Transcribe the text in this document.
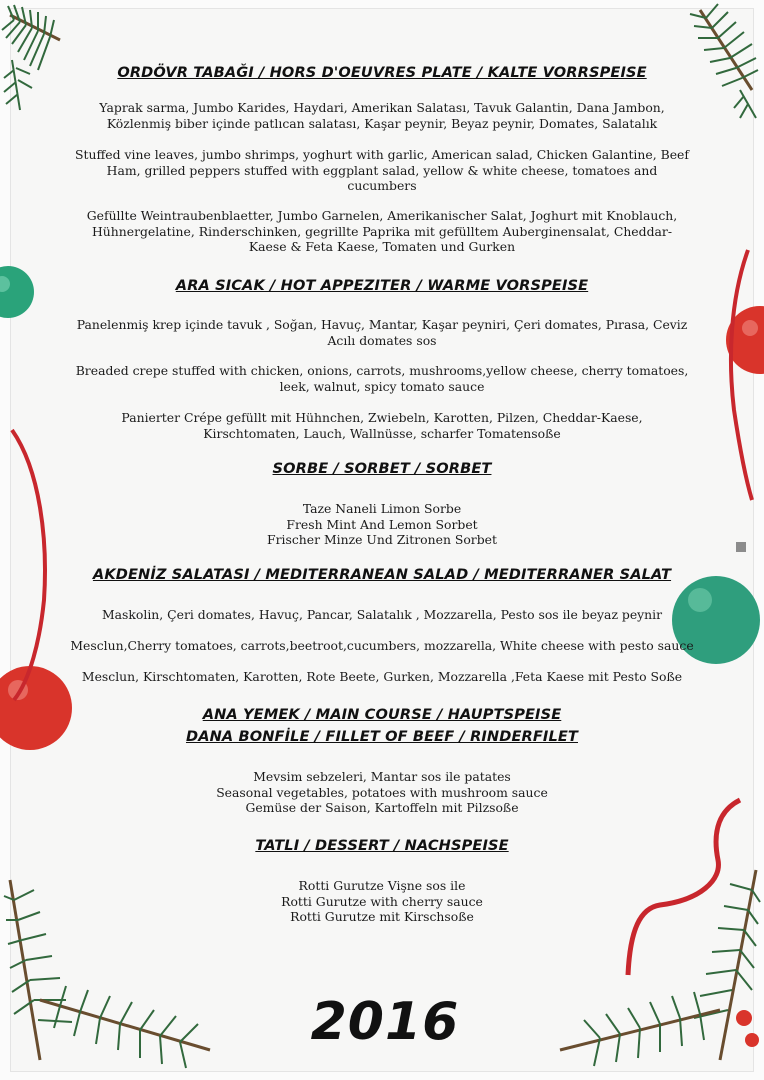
ORDÖVR TABAĞI / HORS D'OEUVRES PLATE / KALTE VORRSPEISE

Yaprak sarma, Jumbo Karides, Haydari, Amerikan Salatası, Tavuk Galantin, Dana Jambon,

Közlenmiş biber içinde patlıcan salatası, Kaşar peynir, Beyaz peynir, Domates, Salatalık

Stuffed vine leaves, jumbo shrimps, yoghurt with garlic, American salad, Chicken Galantine, Beef

Ham, grilled peppers stuffed with eggplant salad, yellow & white cheese, tomatoes and

cucumbers

Gefüllte Weintraubenblaetter, Jumbo Garnelen, Amerikanischer Salat, Joghurt mit Knoblauch,

Hühnergelatine, Rinderschinken, gegrillte Paprika mit gefülltem Auberginensalat, Cheddar-

Kaese & Feta Kaese, Tomaten und Gurken

ARA SICAK / HOT APPEZITER / WARME VORSPEISE

Panelenmiş krep içinde tavuk , Soğan, Havuç, Mantar, Kaşar peyniri, Çeri domates, Pırasa, Ceviz

Acılı domates sos

Breaded crepe stuffed with chicken, onions, carrots, mushrooms,yellow cheese, cherry tomatoes,

leek, walnut, spicy tomato sauce

Panierter Crépe gefüllt mit Hühnchen, Zwiebeln, Karotten, Pilzen, Cheddar-Kaese,

Kirschtomaten, Lauch, Wallnüsse, scharfer Tomatensoße

SORBE / SORBET / SORBET

Taze Naneli Limon Sorbe

Fresh Mint And Lemon Sorbet

Frischer Minze Und Zitronen Sorbet

AKDENİZ SALATASI / MEDITERRANEAN SALAD / MEDITERRANER SALAT

Maskolin, Çeri domates, Havuç, Pancar, Salatalık , Mozzarella, Pesto sos ile beyaz peynir

Mesclun,Cherry tomatoes, carrots,beetroot,cucumbers, mozzarella, White cheese with pesto sauce

Mesclun, Kirschtomaten, Karotten, Rote Beete, Gurken, Mozzarella ,Feta Kaese mit Pesto Soße

ANA YEMEK / MAIN COURSE / HAUPTSPEISE
DANA BONFİLE / FILLET OF BEEF / RINDERFILET

Mevsim sebzeleri, Mantar sos ile patates

Seasonal vegetables, potatoes with mushroom sauce

Gemüse der Saison, Kartoffeln mit Pilzsoße

TATLI / DESSERT / NACHSPEISE

Rotti Gurutze Vişne sos ile

Rotti Gurutze with cherry sauce

Rotti Gurutze mit Kirschsoße

2016
